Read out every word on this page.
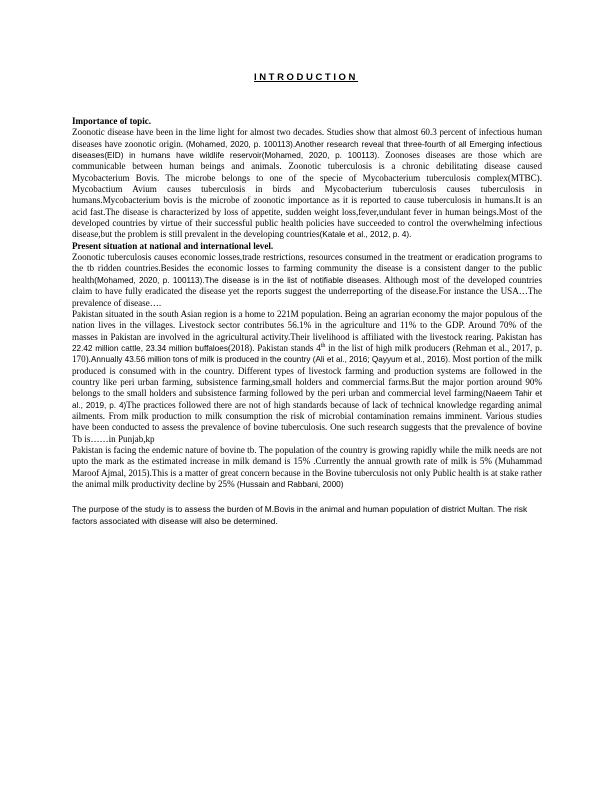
INTRODUCTION

Importance of topic.

Zoonotic disease have been in the lime light for almost two decades. Studies show that almost 60.3 percent of infectious human diseases have zoonotic origin. (Mohamed, 2020, p. 100113).Another research reveal that three-fourth of all Emerging infectious diseases(EID) in humans have wildlife reservoir(Mohamed, 2020, p. 100113). Zoonoses diseases are those which are communicable between human beings and animals. Zoonotic tuberculosis is a chronic debilitating disease caused Mycobacterium Bovis. The microbe belongs to one of the specie of Mycobacterium tuberculosis complex(MTBC). Mycobactium Avium causes tuberculosis in birds and Mycobacterium tuberculosis causes tuberculosis in humans.Mycobacterium bovis is the microbe of zoonotic importance as it is reported to cause tuberculosis in humans.It is an acid fast.The disease is characterized by loss of appetite, sudden weight loss,fever,undulant fever in human beings.Most of the developed countries by virtue of their successful public health policies have succeeded to control the overwhelming infectious disease,but the problem is still prevalent in the developing countries(Katale et al., 2012, p. 4).

Present situation at national and international level.

Zoonotic tuberculosis causes economic losses,trade restrictions, resources consumed in the treatment or eradication programs to the tb ridden countries.Besides the economic losses to farming community the disease is a consistent danger to the public health(Mohamed, 2020, p. 100113).The disease is in the list of notifiable diseases. Although most of the developed countries claim to have fully eradicated the disease yet the reports suggest the underreporting of the disease.For instance the USA…The prevalence of disease….

Pakistan situated in the south Asian region is a home to 221M population. Being an agrarian economy the major populous of the nation lives in the villages. Livestock sector contributes 56.1% in the agriculture and 11% to the GDP. Around 70% of the masses in Pakistan are involved in the agricultural activity.Their livelihood is affiliated with the livestock rearing. Pakistan has 22.42 million cattle, 23.34 million buffaloes(2018). Pakistan stands 4th in the list of high milk producers (Rehman et al., 2017, p. 170).Annually 43.56 million tons of milk is produced in the country (Ali et al., 2016; Qayyum et al., 2016). Most portion of the milk produced is consumed with in the country. Different types of livestock farming and production systems are followed in the country like peri urban farming, subsistence farming,small holders and commercial farms.But the major portion around 90% belongs to the small holders and subsistence farming followed by the peri urban and commercial level farming(Naeem Tahir et al., 2019, p. 4)The practices followed there are not of high standards because of lack of technical knowledge regarding animal ailments. From milk production to milk consumption the risk of microbial contamination remains imminent. Various studies have been conducted to assess the prevalence of bovine tuberculosis. One such research suggests that the prevalence of bovine Tb is……in Punjab,kp

Pakistan is facing the endemic nature of bovine tb. The population of the country is growing rapidly while the milk needs are not upto the mark as the estimated increase in milk demand is 15% .Currently the annual growth rate of milk is 5% (Muhammad Maroof Ajmal, 2015).This is a matter of great concern because in the Bovine tuberculosis not only Public health is at stake rather the animal milk productivity decline by 25% (Hussain and Rabbani, 2000)

The purpose of the study is to assess the burden of M.Bovis in the animal and human population of district Multan. The risk factors associated with disease will also be determined.
